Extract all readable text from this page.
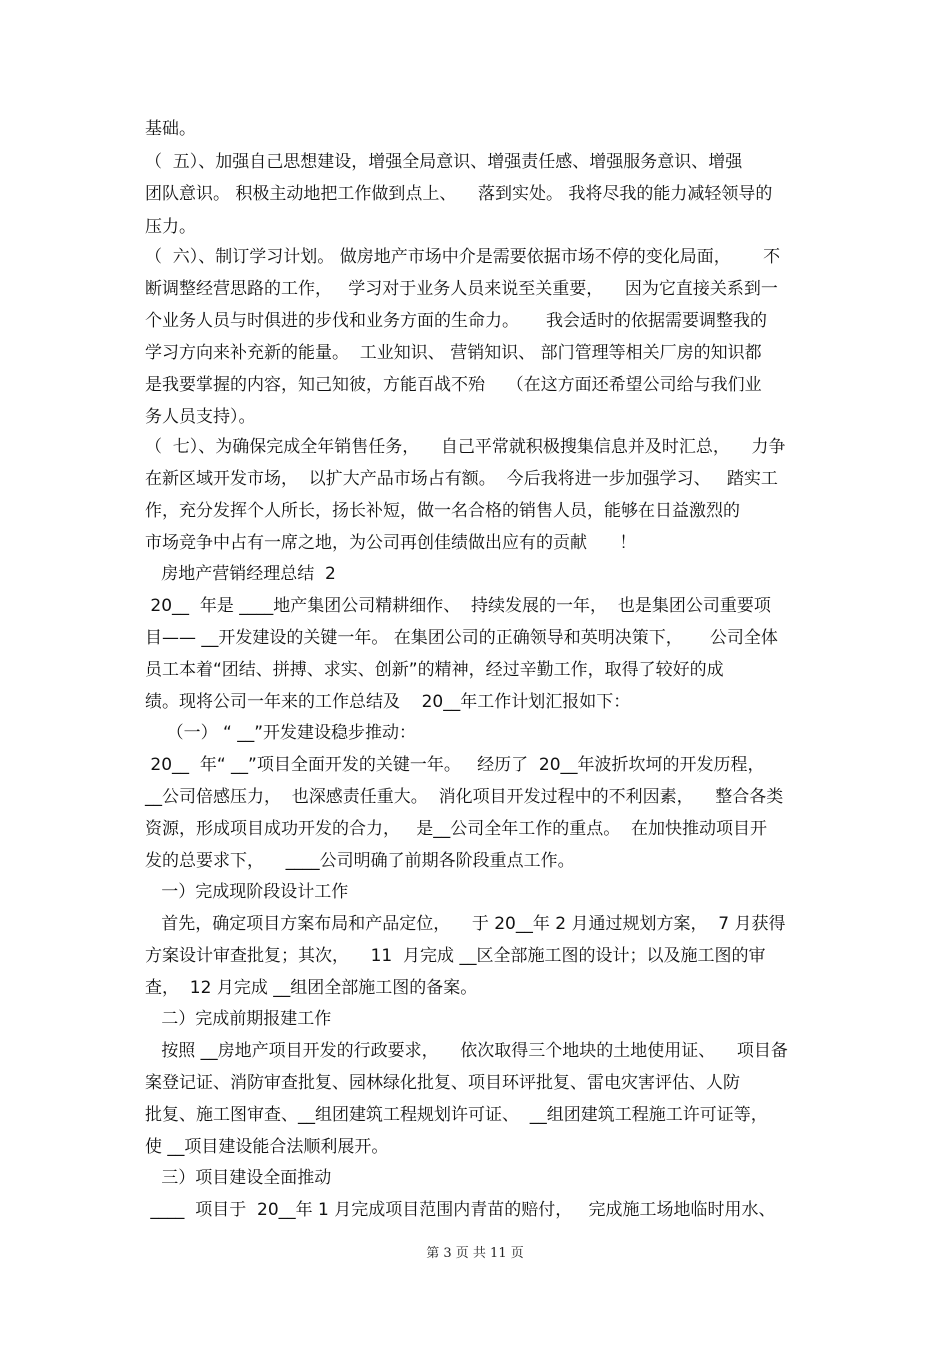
基础。
（  五）、加强自己思想建设，增强全局意识、增强责任感、增强服务意识、增强
团队意识。 积极主动地把工作做到点上、    落到实处。 我将尽我的能力减轻领导的
压力。
（  六）、制订学习计划。 做房地产市场中介是需要依据市场不停的变化局面，      不
断调整经营思路的工作，   学习对于业务人员来说至关重要，    因为它直接关系到一
个业务人员与时俱进的步伐和业务方面的生命力。     我会适时的依据需要调整我的
学习方向来补充新的能量。  工业知识、 营销知识、 部门管理等相关厂房的知识都
是我要掌握的内容，知己知彼，方能百战不殆    （在这方面还希望公司给与我们业
务人员支持）。
（  七）、为确保完成全年销售任务，    自己平常就积极搜集信息并及时汇总，    力争
在新区域开发市场，  以扩大产品市场占有额。  今后我将进一步加强学习、   踏实工
作，充分发挥个人所长，扬长补短，做一名合格的销售人员，能够在日益激烈的
市场竞争中占有一席之地，为公司再创佳绩做出应有的贡献      ！
房地产营销经理总结  2
20__  年是 ____地产集团公司精耕细作、  持续发展的一年，  也是集团公司重要项
目—— __开发建设的关键一年。 在集团公司的正确领导和英明决策下，     公司全体
员工本着“团结、拼搏、求实、创新”的精神，经过辛勤工作，取得了较好的成
绩。现将公司一年来的工作总结及    20__年工作计划汇报如下：
（一） “ __”开发建设稳步推动：
20__  年“ __”项目全面开发的关键一年。   经历了  20__年波折坎坷的开发历程，
__公司倍感压力，  也深感责任重大。  消化项目开发过程中的不利因素，    整合各类
资源，形成项目成功开发的合力，   是__公司全年工作的重点。  在加快推动项目开
发的总要求下，    ____公司明确了前期各阶段重点工作。
一）完成现阶段设计工作
首先，确定项目方案布局和产品定位，    于 20__年 2 月通过规划方案，  7 月获得
方案设计审查批复；其次，    11  月完成 __区全部施工图的设计；以及施工图的审
查，  12 月完成 __组团全部施工图的备案。
二）完成前期报建工作
按照 __房地产项目开发的行政要求，    依次取得三个地块的土地使用证、    项目备
案登记证、消防审查批复、园林绿化批复、项目环评批复、雷电灾害评估、人防
批复、施工图审查、__组团建筑工程规划许可证、  __组团建筑工程施工许可证等，
使 __项目建设能合法顺利展开。
三）项目建设全面推动
____  项目于  20__年 1 月完成项目范围内青苗的赔付，   完成施工场地临时用水、
第 3 页 共 11 页
